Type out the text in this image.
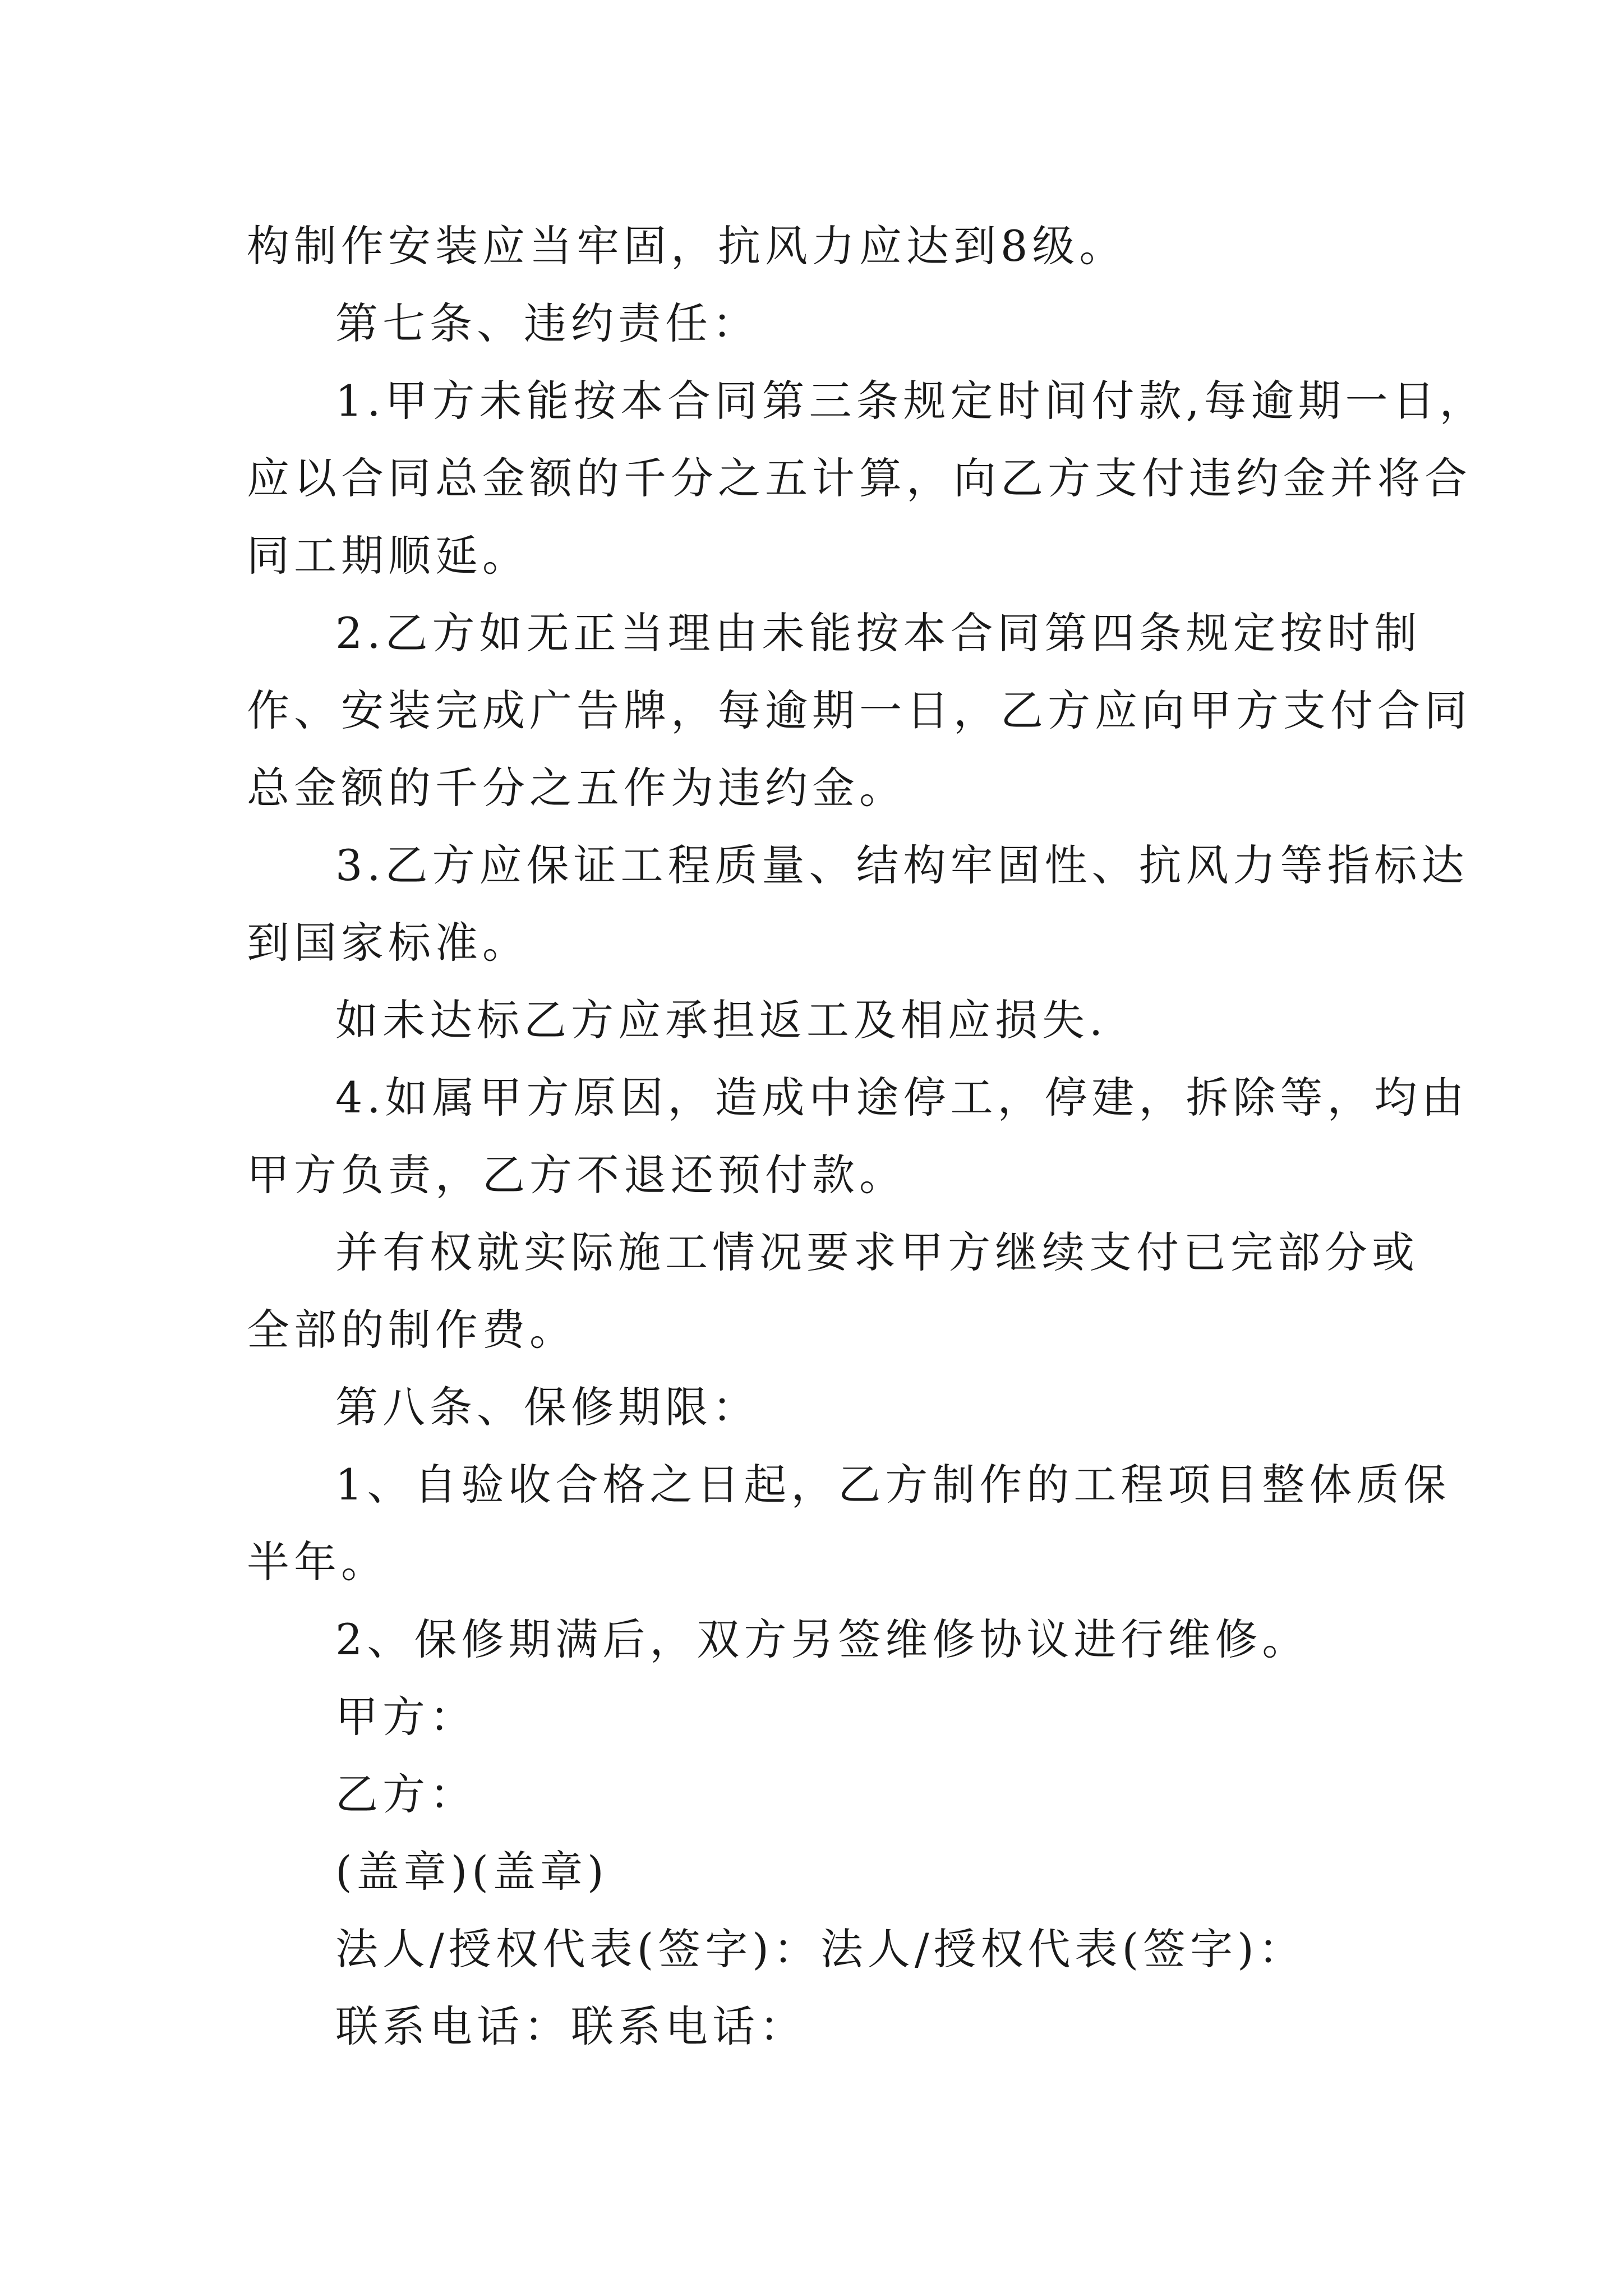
构制作安装应当牢固，抗风力应达到8级。
第七条、违约责任：
1.甲方未能按本合同第三条规定时间付款,每逾期一日，
应以合同总金额的千分之五计算，向乙方支付违约金并将合
同工期顺延。
2.乙方如无正当理由未能按本合同第四条规定按时制
作、安装完成广告牌，每逾期一日，乙方应向甲方支付合同
总金额的千分之五作为违约金。
3.乙方应保证工程质量、结构牢固性、抗风力等指标达
到国家标准。
如未达标乙方应承担返工及相应损失.
4.如属甲方原因，造成中途停工，停建，拆除等，均由
甲方负责，乙方不退还预付款。
并有权就实际施工情况要求甲方继续支付已完部分或
全部的制作费。
第八条、保修期限：
1、自验收合格之日起，乙方制作的工程项目整体质保
半年。
2、保修期满后，双方另签维修协议进行维修。
甲方：
乙方：
(盖章)(盖章)
法人/授权代表(签字)：法人/授权代表(签字)：
联系电话：联系电话：
